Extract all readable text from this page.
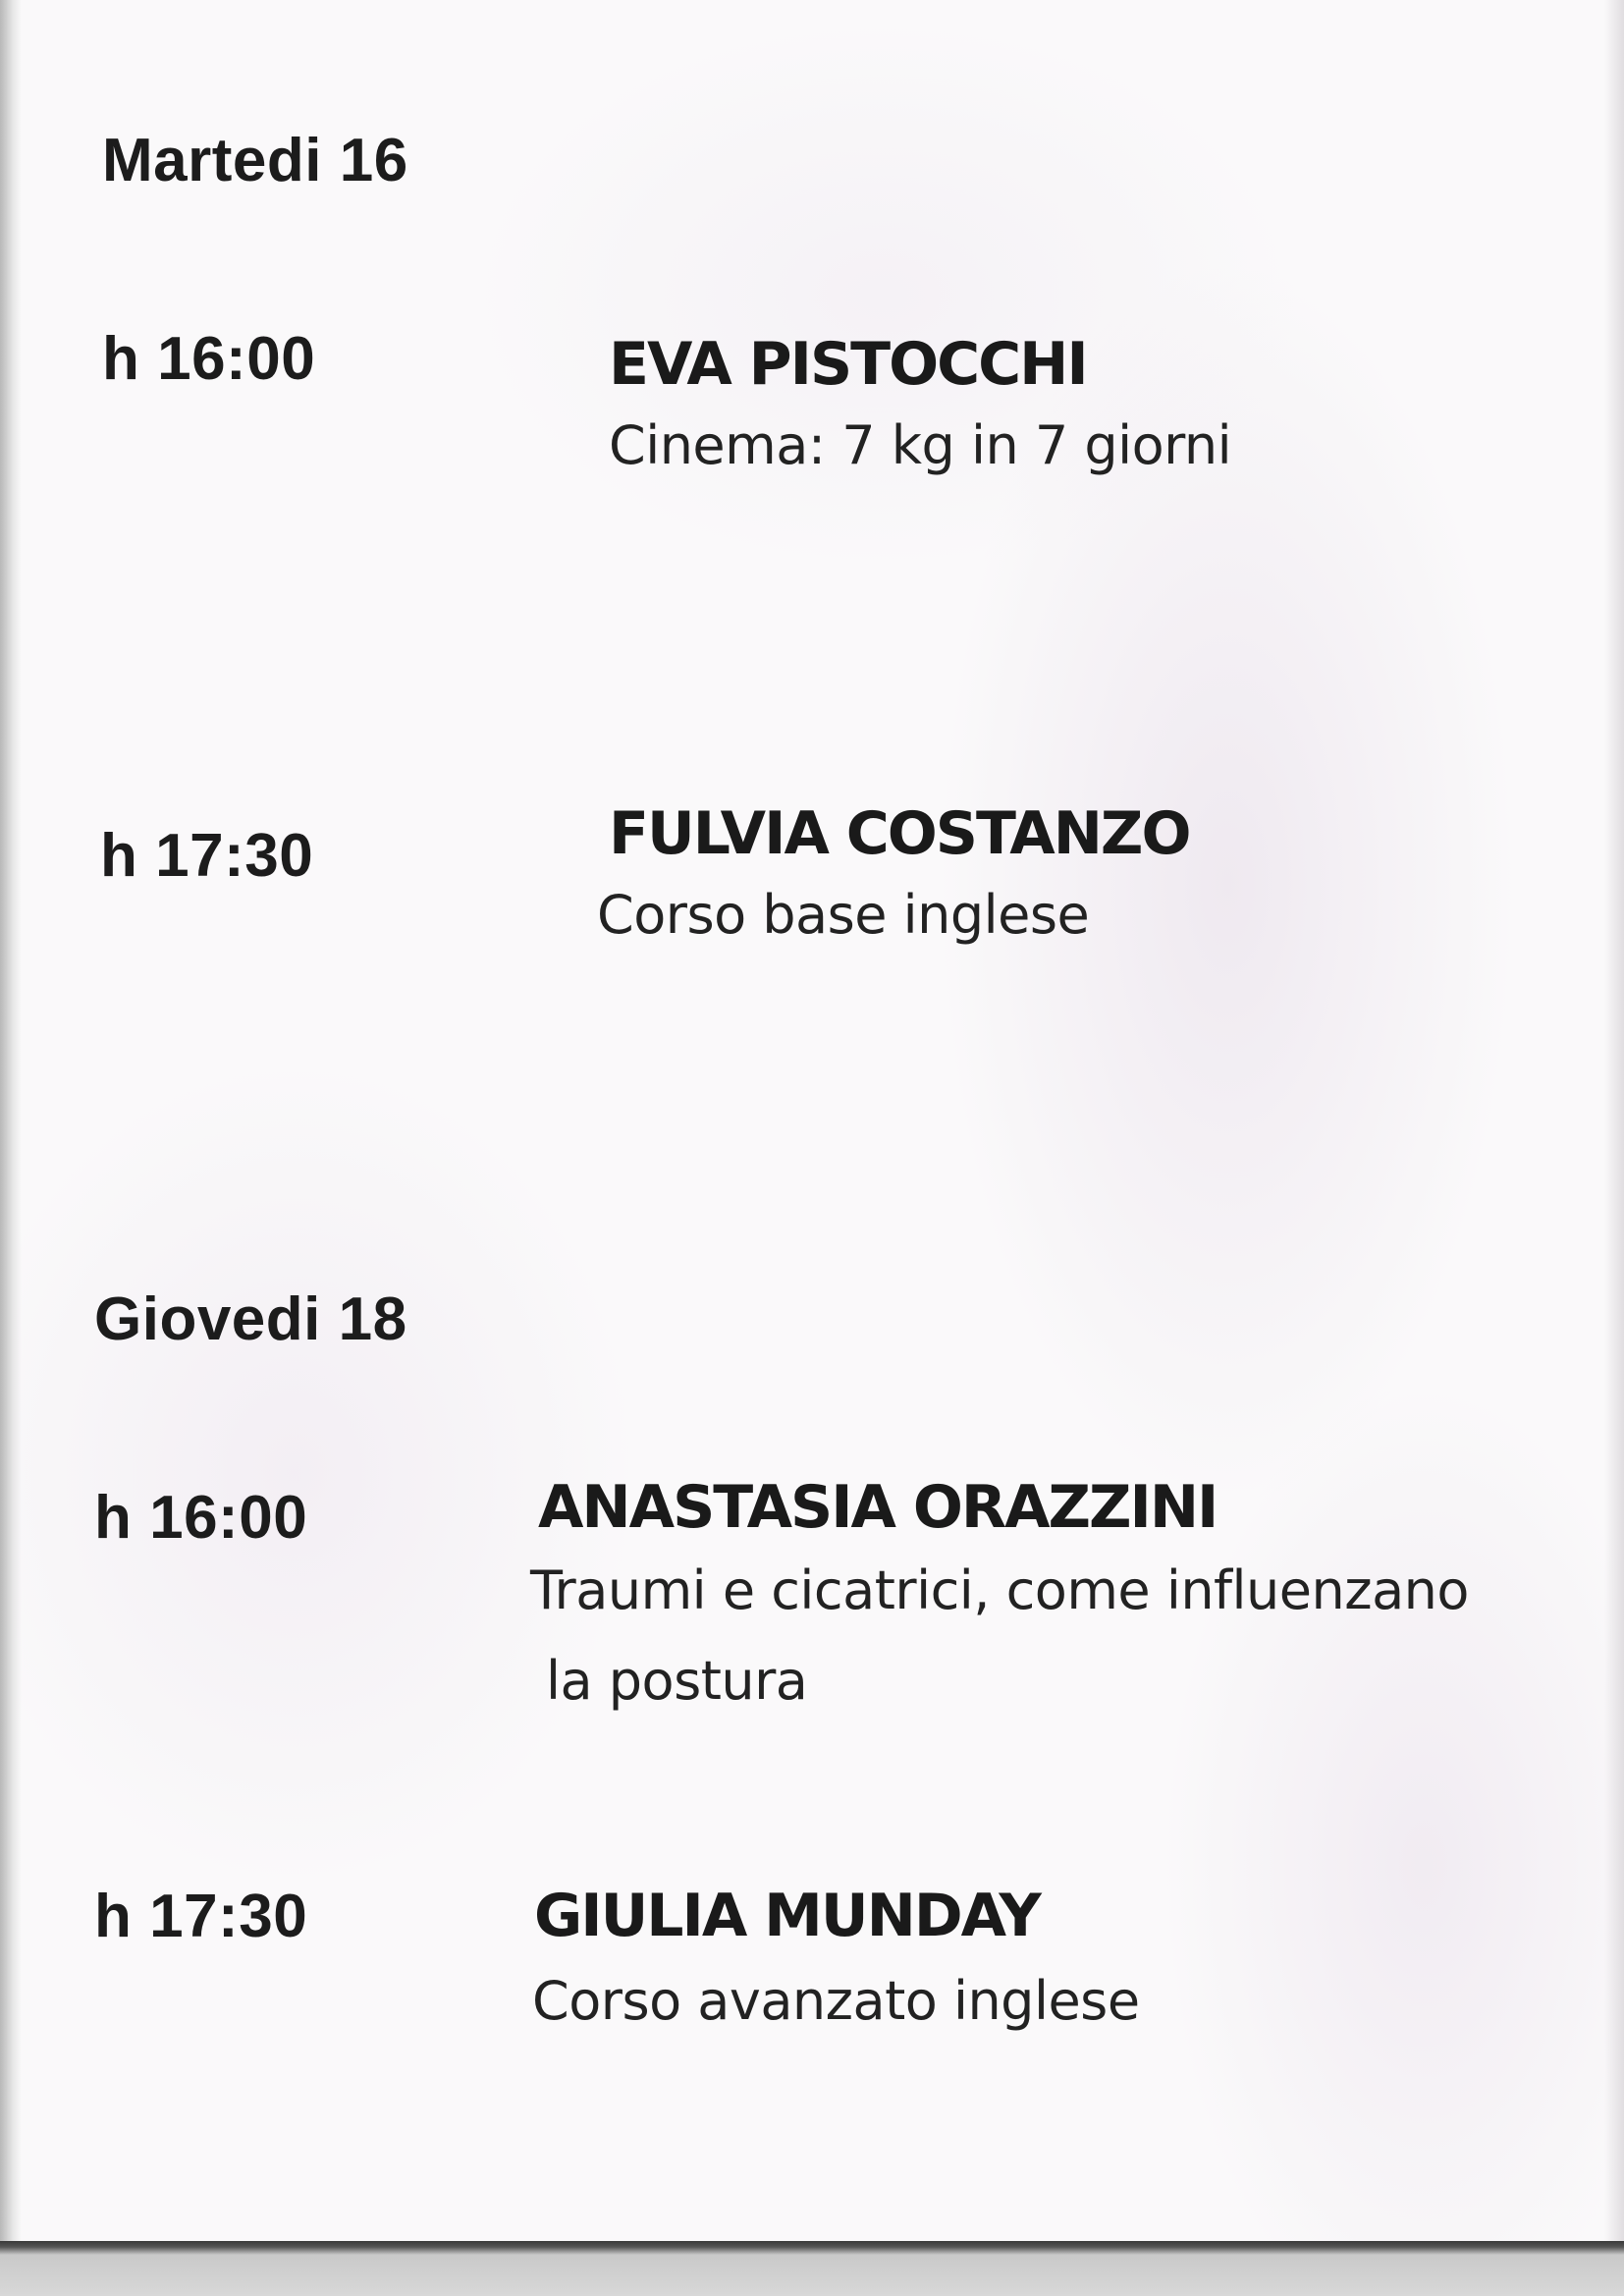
Martedi 16
h 16:00	EVA PISTOCCHI
Cinema: 7 kg in 7 giorni
h 17:30	FULVIA COSTANZO
Corso base inglese
Giovedi 18
h 16:00	ANASTASIA ORAZZINI
Traumi e cicatrici, come influenzano
la postura
h 17:30	GIULIA MUNDAY
Corso avanzato inglese
